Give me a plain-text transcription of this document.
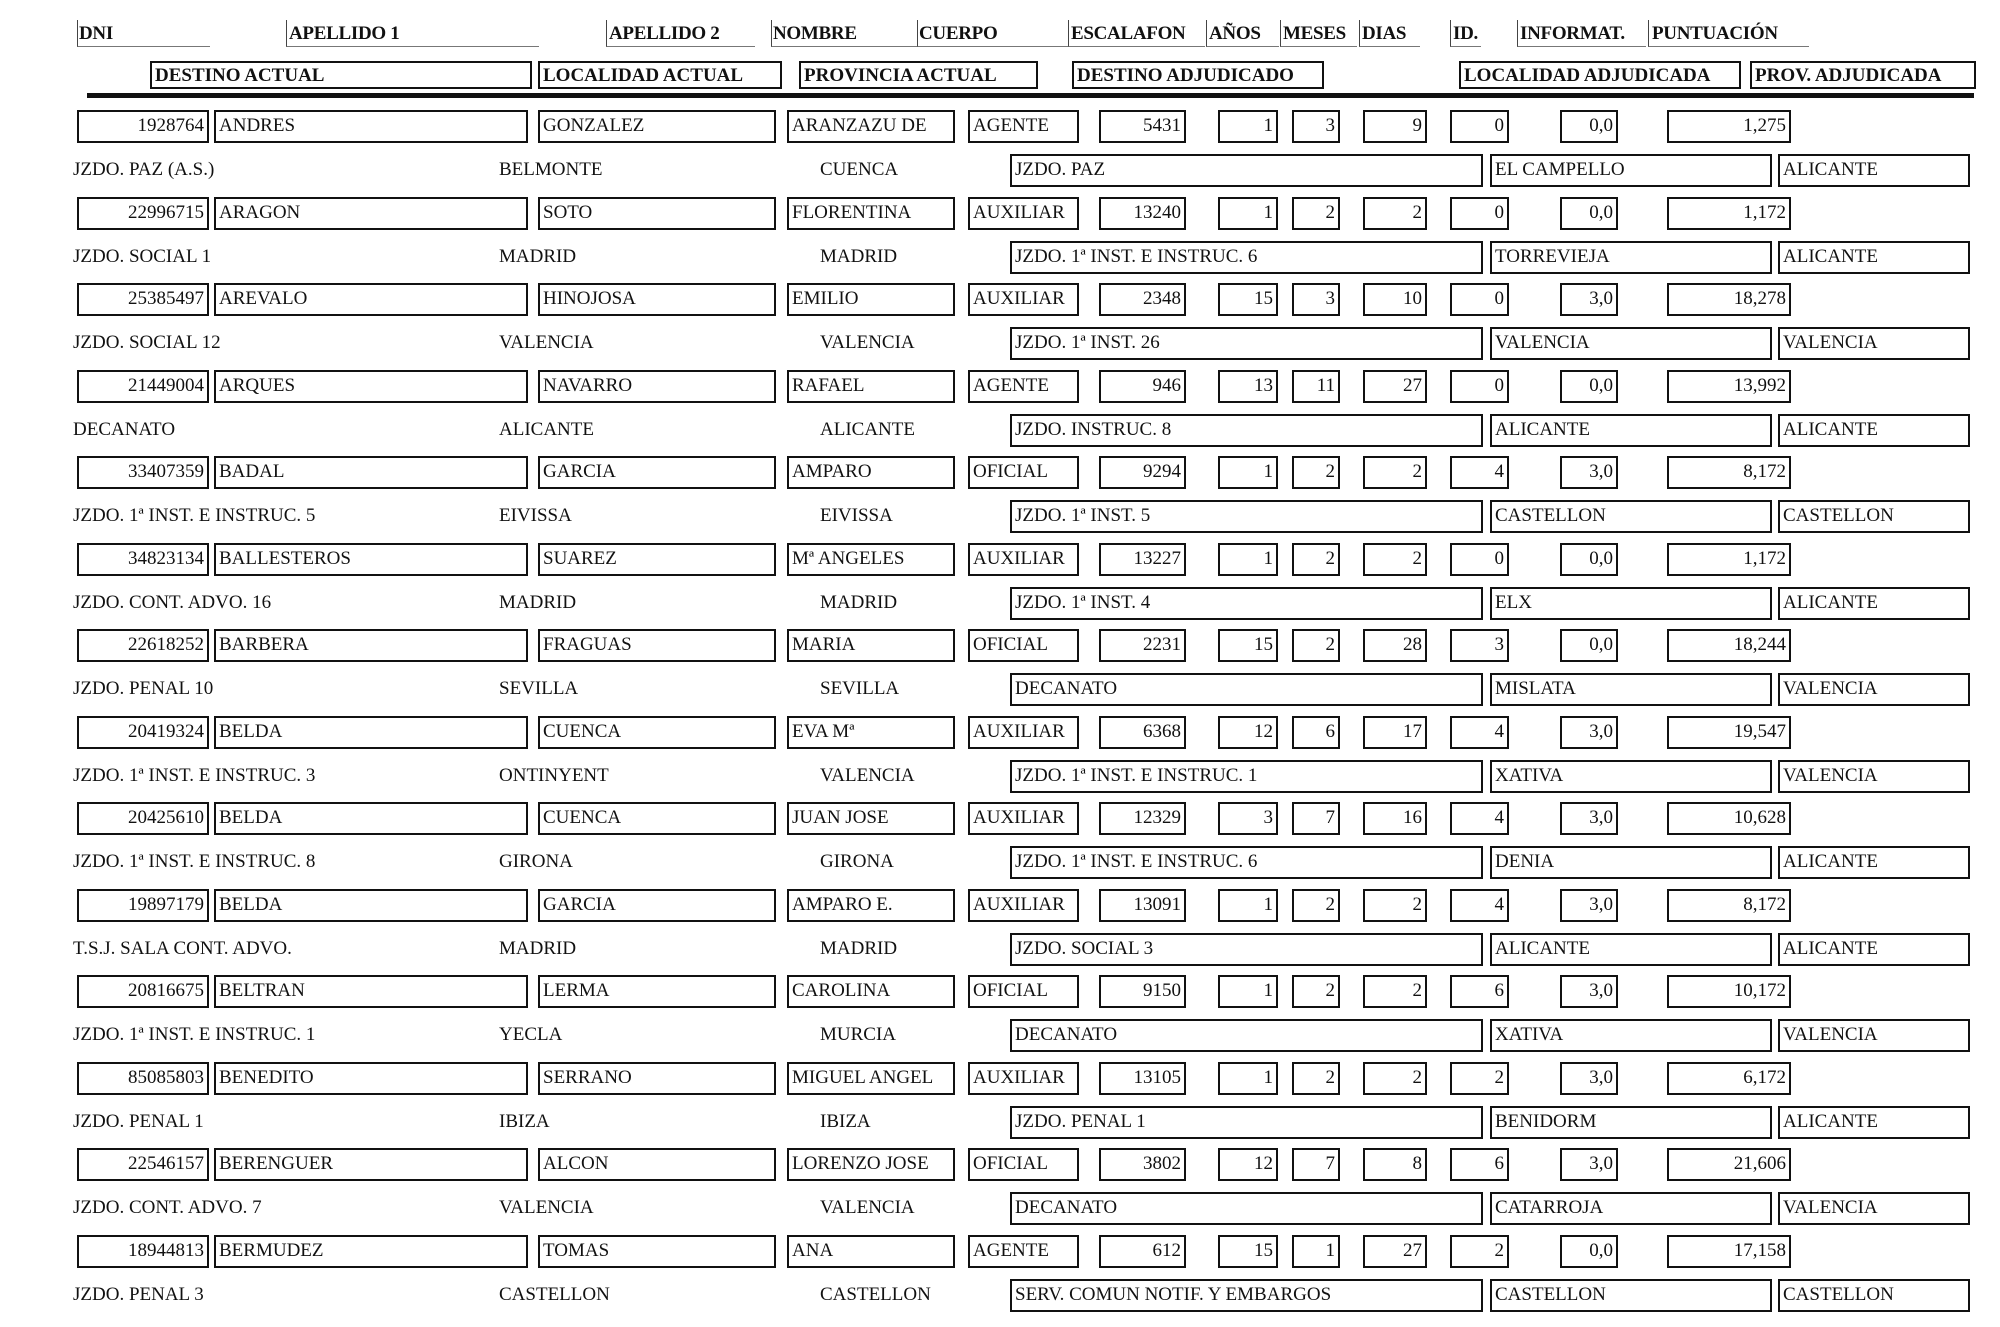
DNI	APELLIDO 1	APELLIDO 2	NOMBRE	CUERPO	ESCALAFON AÑOS MESES DIAS ID. INFORMAT. PUNTUACIÓN
DESTINO ACTUAL	LOCALIDAD ACTUAL	PROVINCIA ACTUAL	DESTINO ADJUDICADO	LOCALIDAD ADJUDICADA	PROV. ADJUDICADA
1928764 ANDRES	GONZALEZ	ARANZAZU DE	AGENTE	5431	1	3	9	0	0,0	1,275
JZDO. PAZ (A.S.)	BELMONTE	CUENCA	JZDO. PAZ	EL CAMPELLO	ALICANTE
22996715 ARAGON	SOTO	FLORENTINA	AUXILIAR	13240	1	2	2	0	0,0	1,172
JZDO. SOCIAL 1	MADRID	MADRID	JZDO. 1ª INST. E INSTRUC. 6	TORREVIEJA	ALICANTE
25385497 AREVALO	HINOJOSA	EMILIO	AUXILIAR	2348	15	3	10	0	3,0	18,278
JZDO. SOCIAL 12	VALENCIA	VALENCIA	JZDO. 1ª INST. 26	VALENCIA	VALENCIA
21449004 ARQUES	NAVARRO	RAFAEL	AGENTE	946	13	11	27	0	0,0	13,992
DECANATO	ALICANTE	ALICANTE	JZDO. INSTRUC. 8	ALICANTE	ALICANTE
33407359 BADAL	GARCIA	AMPARO	OFICIAL	9294	1	2	2	4	3,0	8,172
JZDO. 1ª INST. E INSTRUC. 5	EIVISSA	EIVISSA	JZDO. 1ª INST. 5	CASTELLON	CASTELLON
34823134 BALLESTEROS	SUAREZ	Mª ANGELES	AUXILIAR	13227	1	2	2	0	0,0	1,172
JZDO. CONT. ADVO. 16	MADRID	MADRID	JZDO. 1ª INST. 4	ELX	ALICANTE
22618252 BARBERA	FRAGUAS	MARIA	OFICIAL	2231	15	2	28	3	0,0	18,244
JZDO. PENAL 10	SEVILLA	SEVILLA	DECANATO	MISLATA	VALENCIA
20419324 BELDA	CUENCA	EVA Mª	AUXILIAR	6368	12	6	17	4	3,0	19,547
JZDO. 1ª INST. E INSTRUC. 3	ONTINYENT	VALENCIA	JZDO. 1ª INST. E INSTRUC. 1	XATIVA	VALENCIA
20425610 BELDA	CUENCA	JUAN JOSE	AUXILIAR	12329	3	7	16	4	3,0	10,628
JZDO. 1ª INST. E INSTRUC. 8	GIRONA	GIRONA	JZDO. 1ª INST. E INSTRUC. 6	DENIA	ALICANTE
19897179 BELDA	GARCIA	AMPARO E.	AUXILIAR	13091	1	2	2	4	3,0	8,172
T.S.J. SALA CONT. ADVO.	MADRID	MADRID	JZDO. SOCIAL 3	ALICANTE	ALICANTE
20816675 BELTRAN	LERMA	CAROLINA	OFICIAL	9150	1	2	2	6	3,0	10,172
JZDO. 1ª INST. E INSTRUC. 1	YECLA	MURCIA	DECANATO	XATIVA	VALENCIA
85085803 BENEDITO	SERRANO	MIGUEL ANGEL	AUXILIAR	13105	1	2	2	2	3,0	6,172
JZDO. PENAL 1	IBIZA	IBIZA	JZDO. PENAL 1	BENIDORM	ALICANTE
22546157 BERENGUER	ALCON	LORENZO JOSE	OFICIAL	3802	12	7	8	6	3,0	21,606
JZDO. CONT. ADVO. 7	VALENCIA	VALENCIA	DECANATO	CATARROJA	VALENCIA
18944813 BERMUDEZ	TOMAS	ANA	AGENTE	612	15	1	27	2	0,0	17,158
JZDO. PENAL 3	CASTELLON	CASTELLON	SERV. COMUN NOTIF. Y EMBARGOS	CASTELLON	CASTELLON
